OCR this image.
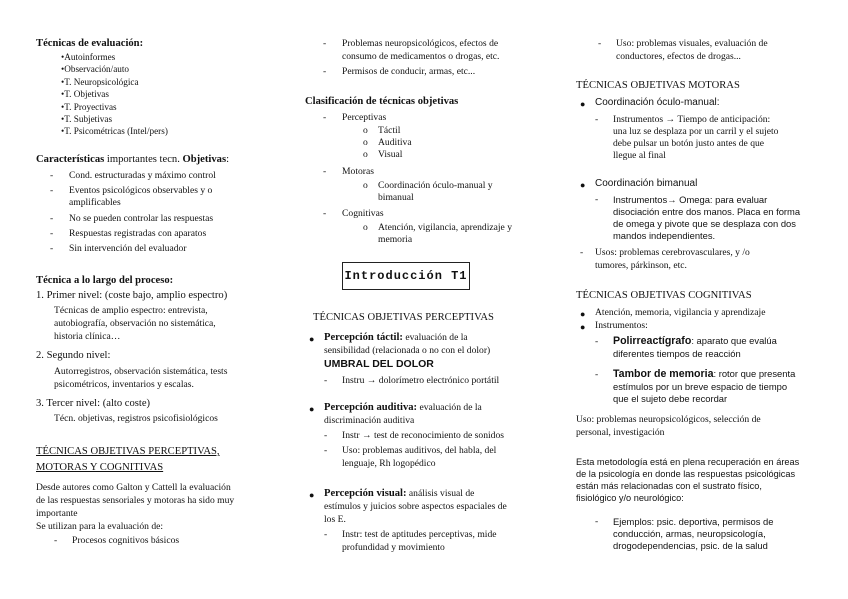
Técnicas de evaluación:
•Autoinformes
•Observación/auto
•T. Neuropsicológica
•T. Objetivas
•T. Proyectivas
•T. Subjetivas
•T. Psicométricas (Intel/pers)
Características importantes tecn. Objetivas:
- Cond. estructuradas y máximo control
- Eventos psicológicos observables y o
amplificables
- No se pueden controlar las respuestas
- Respuestas registradas con aparatos
- Sin intervención del evaluador
Técnica a lo largo del proceso:
1. Primer nivel: (coste bajo, amplio espectro)
Técnicas de amplio espectro: entrevista,
autobiografía, observación no sistemática,
historia clínica…
2. Segundo nivel:
Autorregistros, observación sistemática, tests
psicométricos, inventarios y escalas.
3. Tercer nivel: (alto coste)
Técn. objetivas, registros psicofisiológicos
TÉCNICAS OBJETIVAS PERCEPTIVAS,
MOTORAS Y COGNITIVAS
Desde autores como Galton y Cattell la evaluación
de las respuestas sensoriales y motoras ha sido muy
importante
Se utilizan para la evaluación de:
- Procesos cognitivos básicos
- Problemas neuropsicológicos, efectos de
consumo de medicamentos o drogas, etc.
- Permisos de conducir, armas, etc...
Clasificación de técnicas objetivas
- Perceptivas
o Táctil
o Auditiva
o Visual
- Motoras
o Coordinación óculo-manual y
bimanual
- Cognitivas
o Atención, vigilancia, aprendizaje y
memoria
Introducción T1
TÉCNICAS OBJETIVAS PERCEPTIVAS
● Percepción táctil: evaluación de la
sensibilidad (relacionada o no con el dolor)
UMBRAL DEL DOLOR
- Instru → dolorímetro electrónico portátil
● Percepción auditiva: evaluación de la
discriminación auditiva
- Instr → test de reconocimiento de sonidos
- Uso: problemas auditivos, del habla, del
lenguaje, Rh logopédico
● Percepción visual: análisis visual de
estímulos y juicios sobre aspectos espaciales de
los E.
- Instr: test de aptitudes perceptivas, mide
profundidad y movimiento
- Uso: problemas visuales, evaluación de
conductores, efectos de drogas...
TÉCNICAS OBJETIVAS MOTORAS
● Coordinación óculo-manual:
- Instrumentos → Tiempo de anticipación:
una luz se desplaza por un carril y el sujeto
debe pulsar un botón justo antes de que
llegue al final
● Coordinación bimanual
- Instrumentos→ Omega: para evaluar
disociación entre dos manos. Placa en forma
de omega y pivote que se desplaza con dos
mandos independientes.
- Usos: problemas cerebrovasculares, y /o
tumores, párkinson, etc.
TÉCNICAS OBJETIVAS COGNITIVAS
● Atención, memoria, vigilancia y aprendizaje
● Instrumentos:
- Polirreactígrafo: aparato que evalúa
diferentes tiempos de reacción
- Tambor de memoria: rotor que presenta
estímulos por un breve espacio de tiempo
que el sujeto debe recordar
Uso: problemas neuropsicológicos, selección de
personal, investigación
Esta metodología está en plena recuperación en áreas
de la psicología en donde las respuestas psicológicas
están más relacionadas con el sustrato físico,
fisiológico y/o neurológico:
- Ejemplos: psic. deportiva, permisos de
conducción, armas, neuropsicología,
drogodependencias, psic. de la salud
